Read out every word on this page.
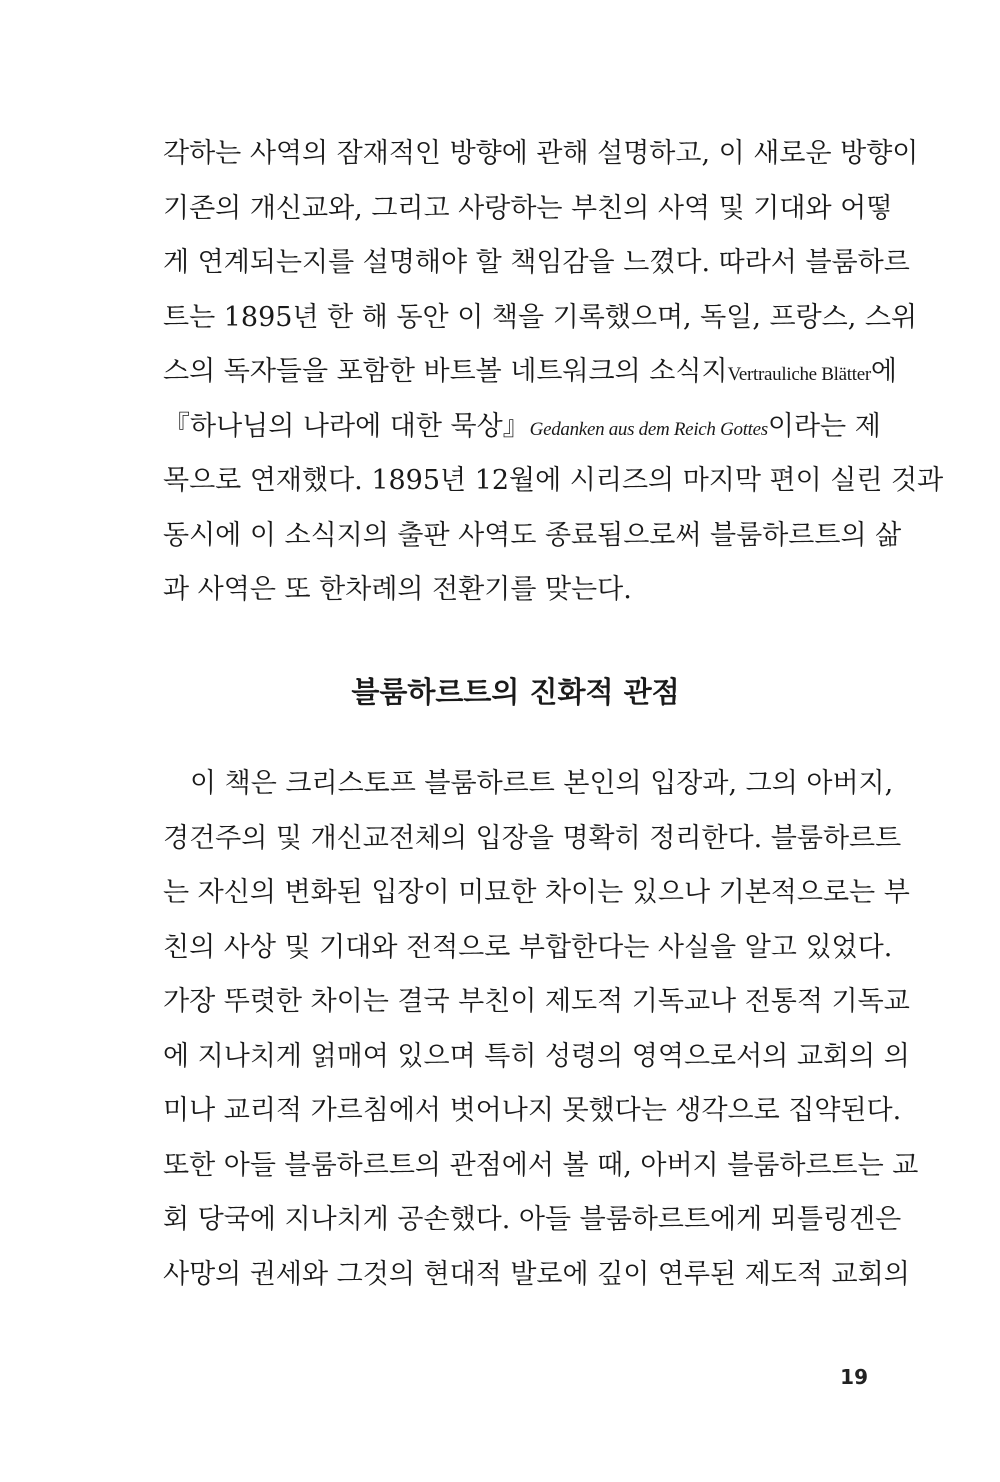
각하는 사역의 잠재적인 방향에 관해 설명하고, 이 새로운 방향이
기존의 개신교와, 그리고 사랑하는 부친의 사역 및 기대와 어떻
게 연계되는지를 설명해야 할 책임감을 느꼈다. 따라서 블룸하르
트는 1895년 한 해 동안 이 책을 기록했으며, 독일, 프랑스, 스위
스의 독자들을 포함한 바트볼 네트워크의 소식지Vertrauliche Blätter에
『하나님의 나라에 대한 묵상』Gedanken aus dem Reich Gottes이라는 제
목으로 연재했다. 1895년 12월에 시리즈의 마지막 편이 실린 것과
동시에 이 소식지의 출판 사역도 종료됨으로써 블룸하르트의 삶
과 사역은 또 한차례의 전환기를 맞는다.
블룸하르트의 진화적 관점
이 책은 크리스토프 블룸하르트 본인의 입장과, 그의 아버지,
경건주의 및 개신교전체의 입장을 명확히 정리한다. 블룸하르트
는 자신의 변화된 입장이 미묘한 차이는 있으나 기본적으로는 부
친의 사상 및 기대와 전적으로 부합한다는 사실을 알고 있었다.
가장 뚜렷한 차이는 결국 부친이 제도적 기독교나 전통적 기독교
에 지나치게 얽매여 있으며 특히 성령의 영역으로서의 교회의 의
미나 교리적 가르침에서 벗어나지 못했다는 생각으로 집약된다.
또한 아들 블룸하르트의 관점에서 볼 때, 아버지 블룸하르트는 교
회 당국에 지나치게 공손했다. 아들 블룸하르트에게 뫼틀링겐은
사망의 권세와 그것의 현대적 발로에 깊이 연루된 제도적 교회의
19
